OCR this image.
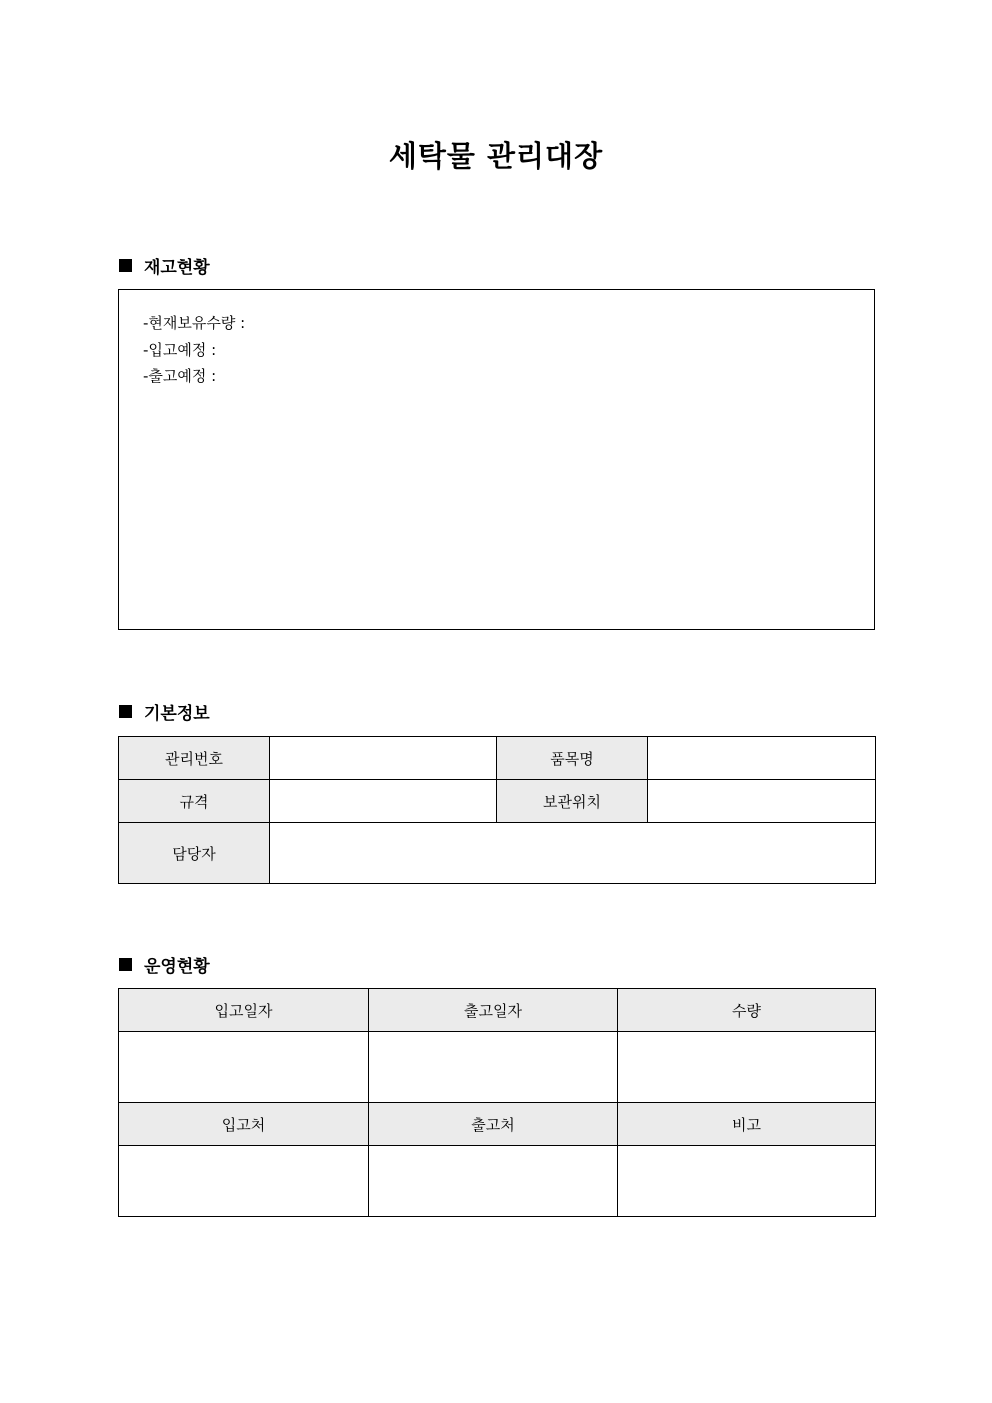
세탁물 관리대장
재고현황
-현재보유수량 :
-입고예정 :
-출고예정 :
기본정보
관리번호		품목명	
규격		보관위치	
담당자			
운영현황
입고일자	출고일자	수량

입고처	출고처	비고
